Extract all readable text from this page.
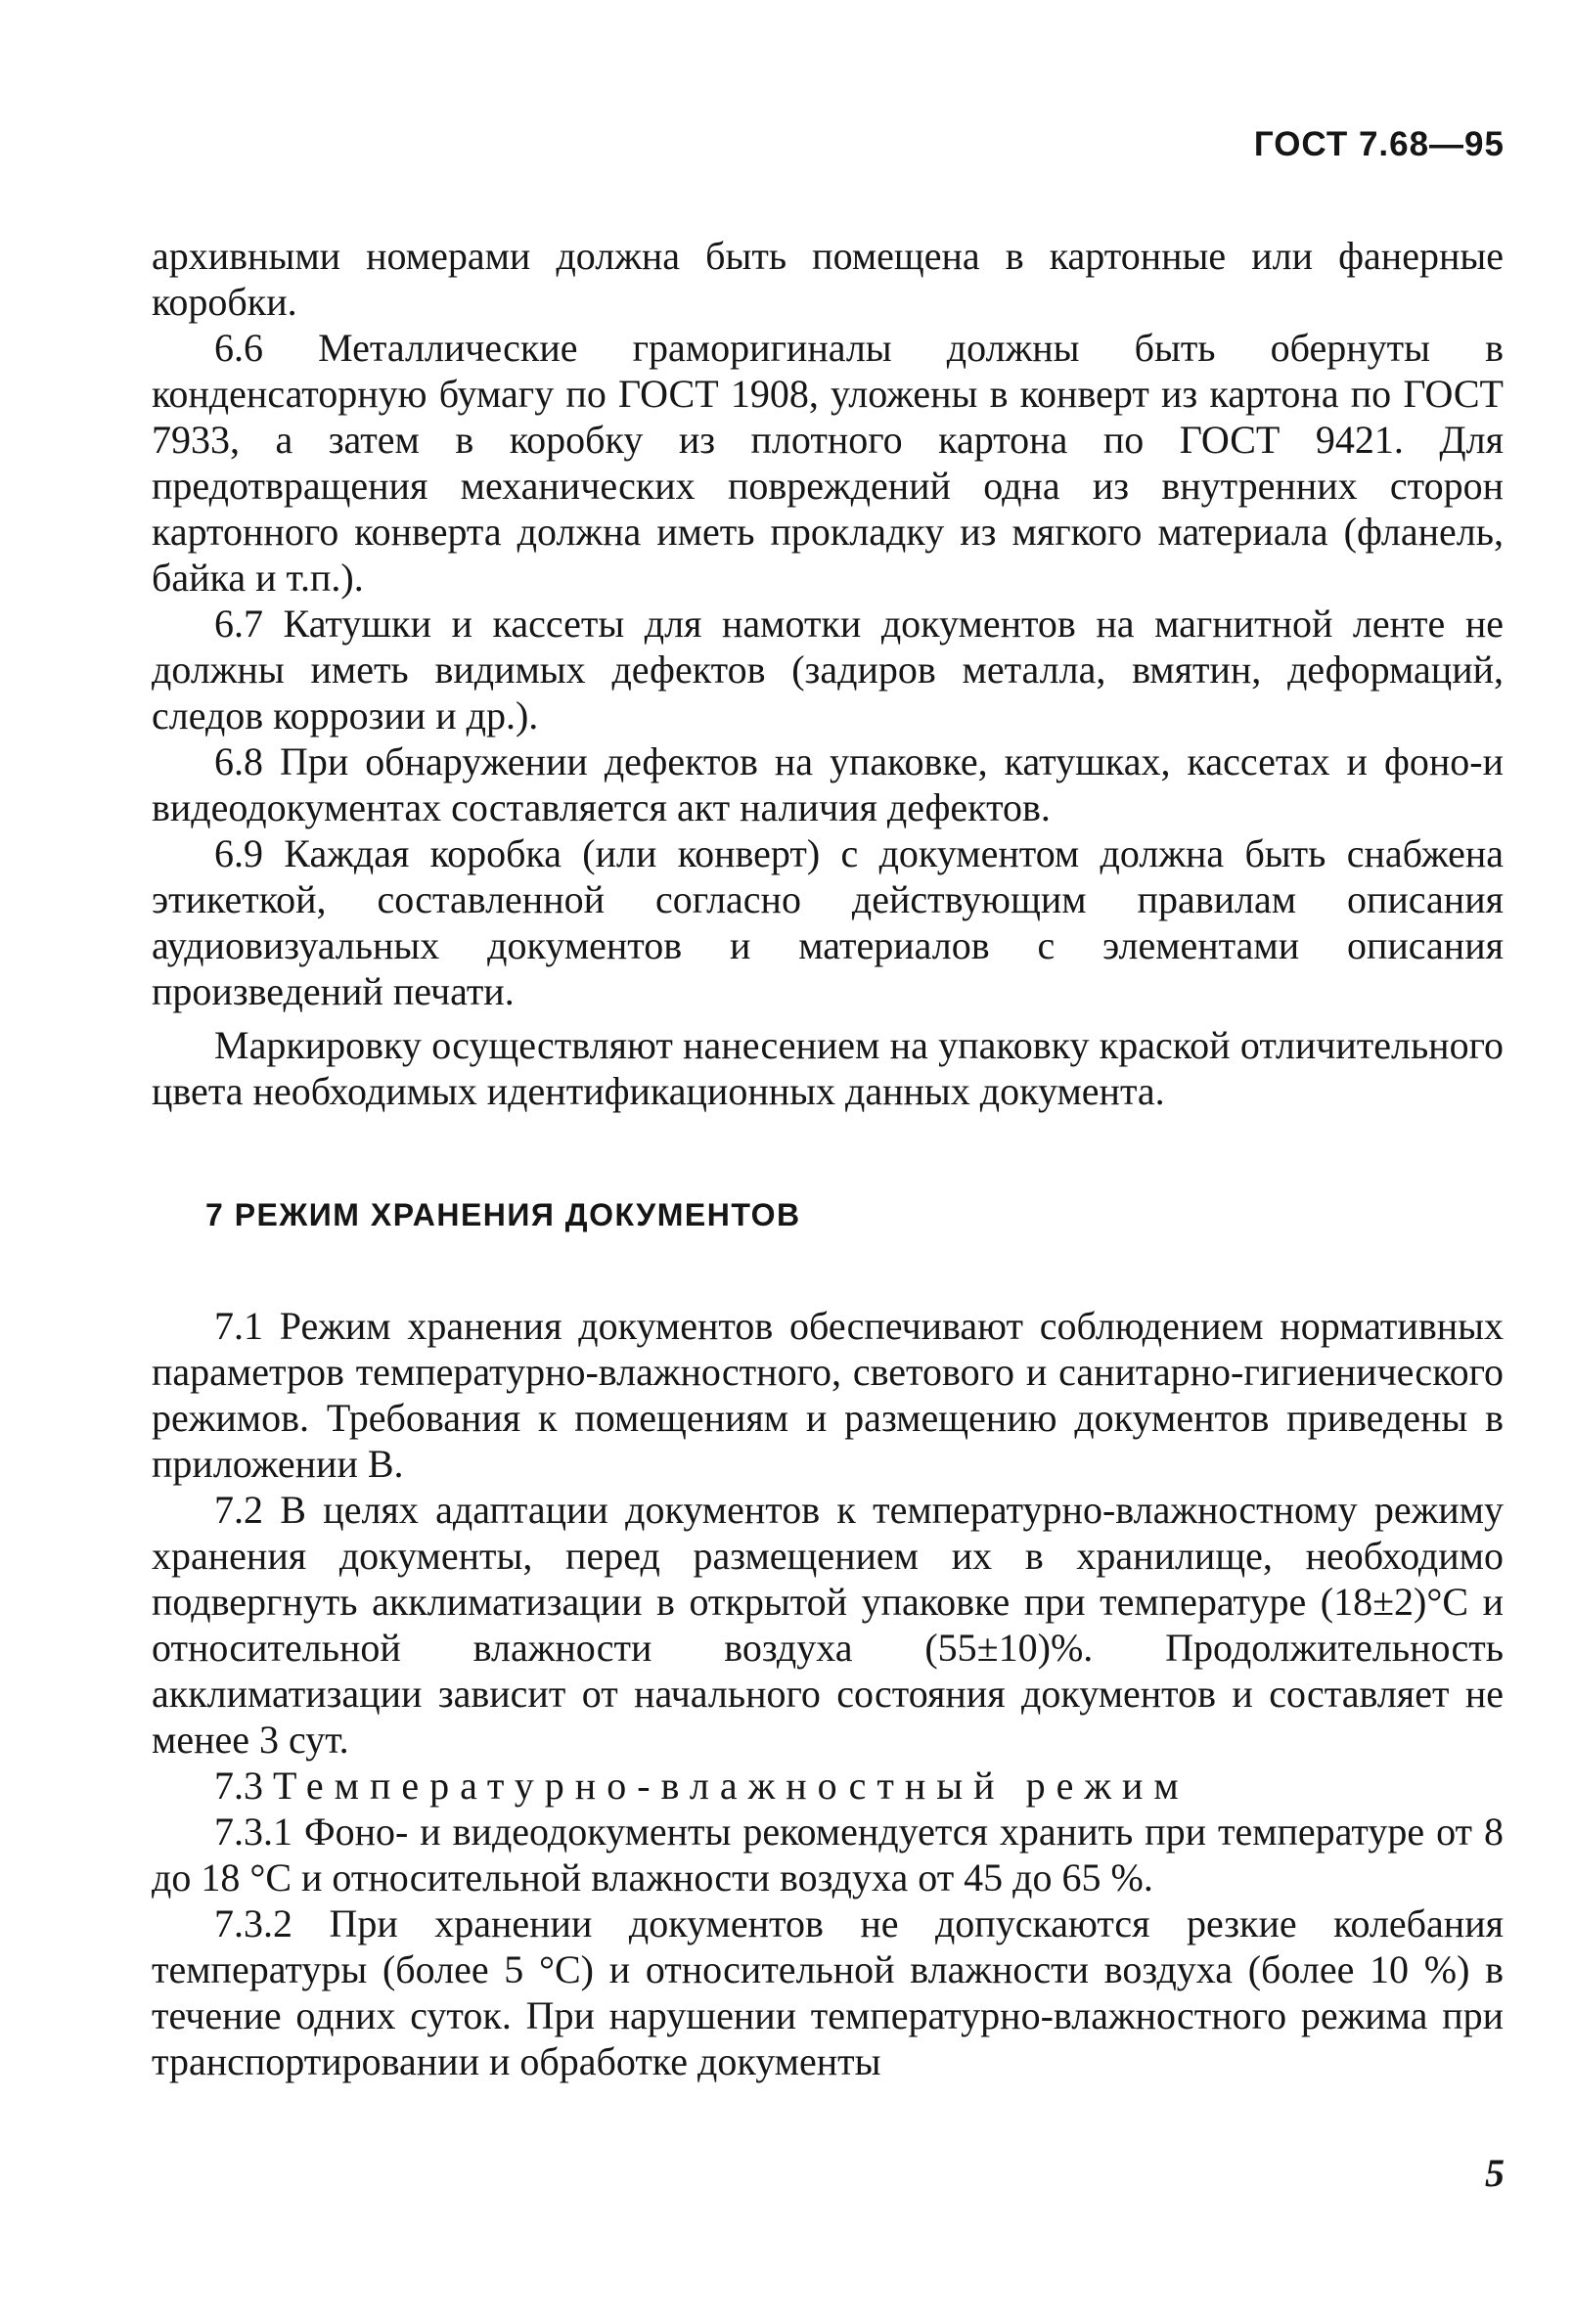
ГОСТ 7.68—95

архивными номерами должна быть помещена в картонные или фанерные коробки.

6.6 Металлические граморигиналы должны быть обернуты в конденсаторную бумагу по ГОСТ 1908, уложены в конверт из картона по ГОСТ 7933, а затем в коробку из плотного картона по ГОСТ 9421. Для предотвращения механических повреждений одна из внутренних сторон картонного конверта должна иметь прокладку из мягкого материала (фланель, байка и т.п.).

6.7 Катушки и кассеты для намотки документов на магнитной ленте не должны иметь видимых дефектов (задиров металла, вмятин, деформаций, следов коррозии и др.).

6.8 При обнаружении дефектов на упаковке, катушках, кассетах и фоно-и видеодокументах составляется акт наличия дефектов.

6.9 Каждая коробка (или конверт) с документом должна быть снабжена этикеткой, составленной согласно действующим правилам описания аудиовизуальных документов и материалов с элементами описания произведений печати.

Маркировку осуществляют нанесением на упаковку краской отличительного цвета необходимых идентификационных данных документа.

7 РЕЖИМ ХРАНЕНИЯ ДОКУМЕНТОВ

7.1 Режим хранения документов обеспечивают соблюдением нормативных параметров температурно-влажностного, светового и санитарно-гигиенического режимов. Требования к помещениям и размещению документов приведены в приложении В.

7.2 В целях адаптации документов к температурно-влажностному режиму хранения документы, перед размещением их в хранилище, необходимо подвергнуть акклиматизации в открытой упаковке при температуре (18±2)°С и относительной влажности воздуха (55±10)%. Продолжительность акклиматизации зависит от начального состояния документов и составляет не менее 3 сут.

7.3 Температурно-влажностный режим

7.3.1 Фоно- и видеодокументы рекомендуется хранить при температуре от 8 до 18 °С и относительной влажности воздуха от 45 до 65 %.

7.3.2 При хранении документов не допускаются резкие колебания температуры (более 5 °С) и относительной влажности воздуха (более 10 %) в течение одних суток. При нарушении температурно-влажностного режима при транспортировании и обработке документы

5
